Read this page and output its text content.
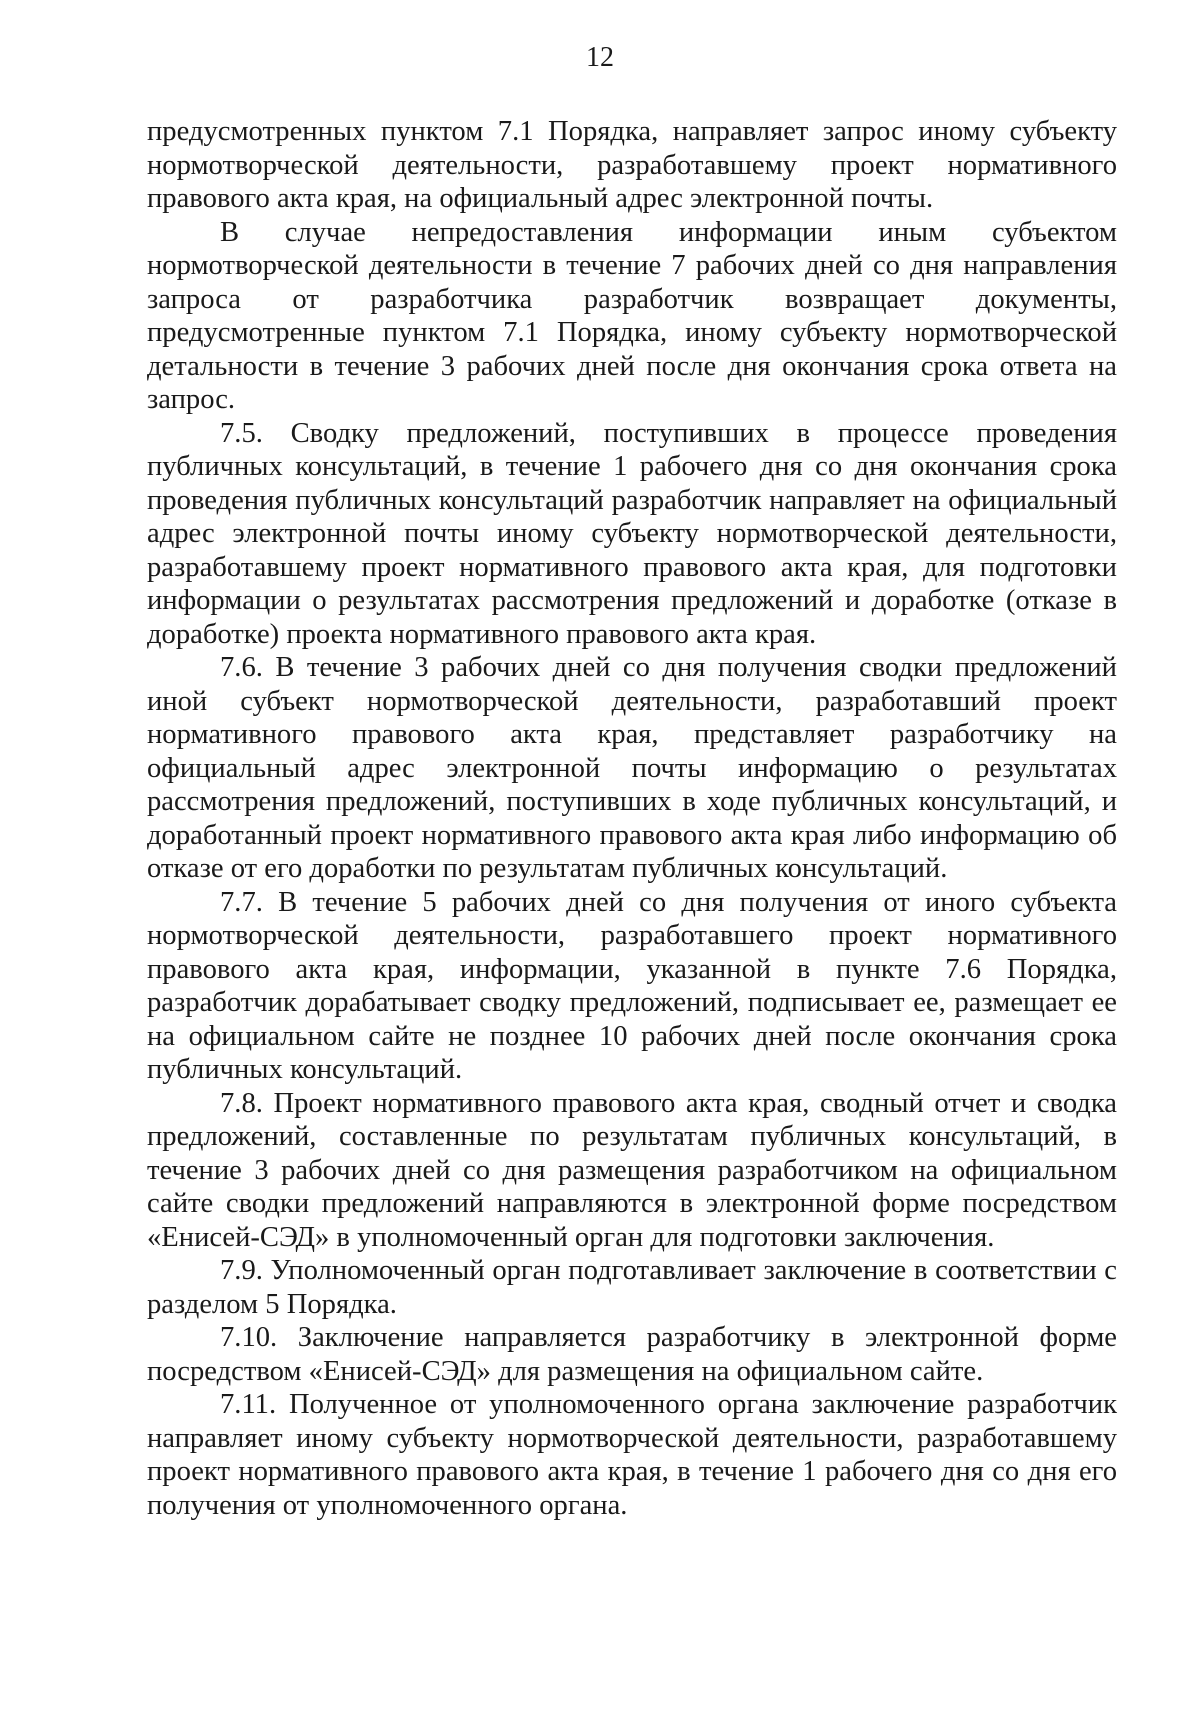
12

предусмотренных пунктом 7.1 Порядка, направляет запрос иному субъекту нормотворческой деятельности, разработавшему проект нормативного правового акта края, на официальный адрес электронной почты.

В случае непредоставления информации иным субъектом нормотворческой деятельности в течение 7 рабочих дней со дня направления запроса от разработчика разработчик возвращает документы, предусмотренные пунктом 7.1 Порядка, иному субъекту нормотворческой детальности в течение 3 рабочих дней после дня окончания срока ответа на запрос.

7.5. Сводку предложений, поступивших в процессе проведения публичных консультаций, в течение 1 рабочего дня со дня окончания срока проведения публичных консультаций разработчик направляет на официальный адрес электронной почты иному субъекту нормотворческой деятельности, разработавшему проект нормативного правового акта края, для подготовки информации о результатах рассмотрения предложений и доработке (отказе в доработке) проекта нормативного правового акта края.

7.6. В течение 3 рабочих дней со дня получения сводки предложений иной субъект нормотворческой деятельности, разработавший проект нормативного правового акта края, представляет разработчику на официальный адрес электронной почты информацию о результатах рассмотрения предложений, поступивших в ходе публичных консультаций, и доработанный проект нормативного правового акта края либо информацию об отказе от его доработки по результатам публичных консультаций.

7.7. В течение 5 рабочих дней со дня получения от иного субъекта нормотворческой деятельности, разработавшего проект нормативного правового акта края, информации, указанной в пункте 7.6 Порядка, разработчик дорабатывает сводку предложений, подписывает ее, размещает ее на официальном сайте не позднее 10 рабочих дней после окончания срока публичных консультаций.

7.8. Проект нормативного правового акта края, сводный отчет и сводка предложений, составленные по результатам публичных консультаций, в течение 3 рабочих дней со дня размещения разработчиком на официальном сайте сводки предложений направляются в электронной форме посредством «Енисей-СЭД» в уполномоченный орган для подготовки заключения.

7.9. Уполномоченный орган подготавливает заключение в соответствии с разделом 5 Порядка.

7.10. Заключение направляется разработчику в электронной форме посредством «Енисей-СЭД» для размещения на официальном сайте.

7.11. Полученное от уполномоченного органа заключение разработчик направляет иному субъекту нормотворческой деятельности, разработавшему проект нормативного правового акта края, в течение 1 рабочего дня со дня его получения от уполномоченного органа.
